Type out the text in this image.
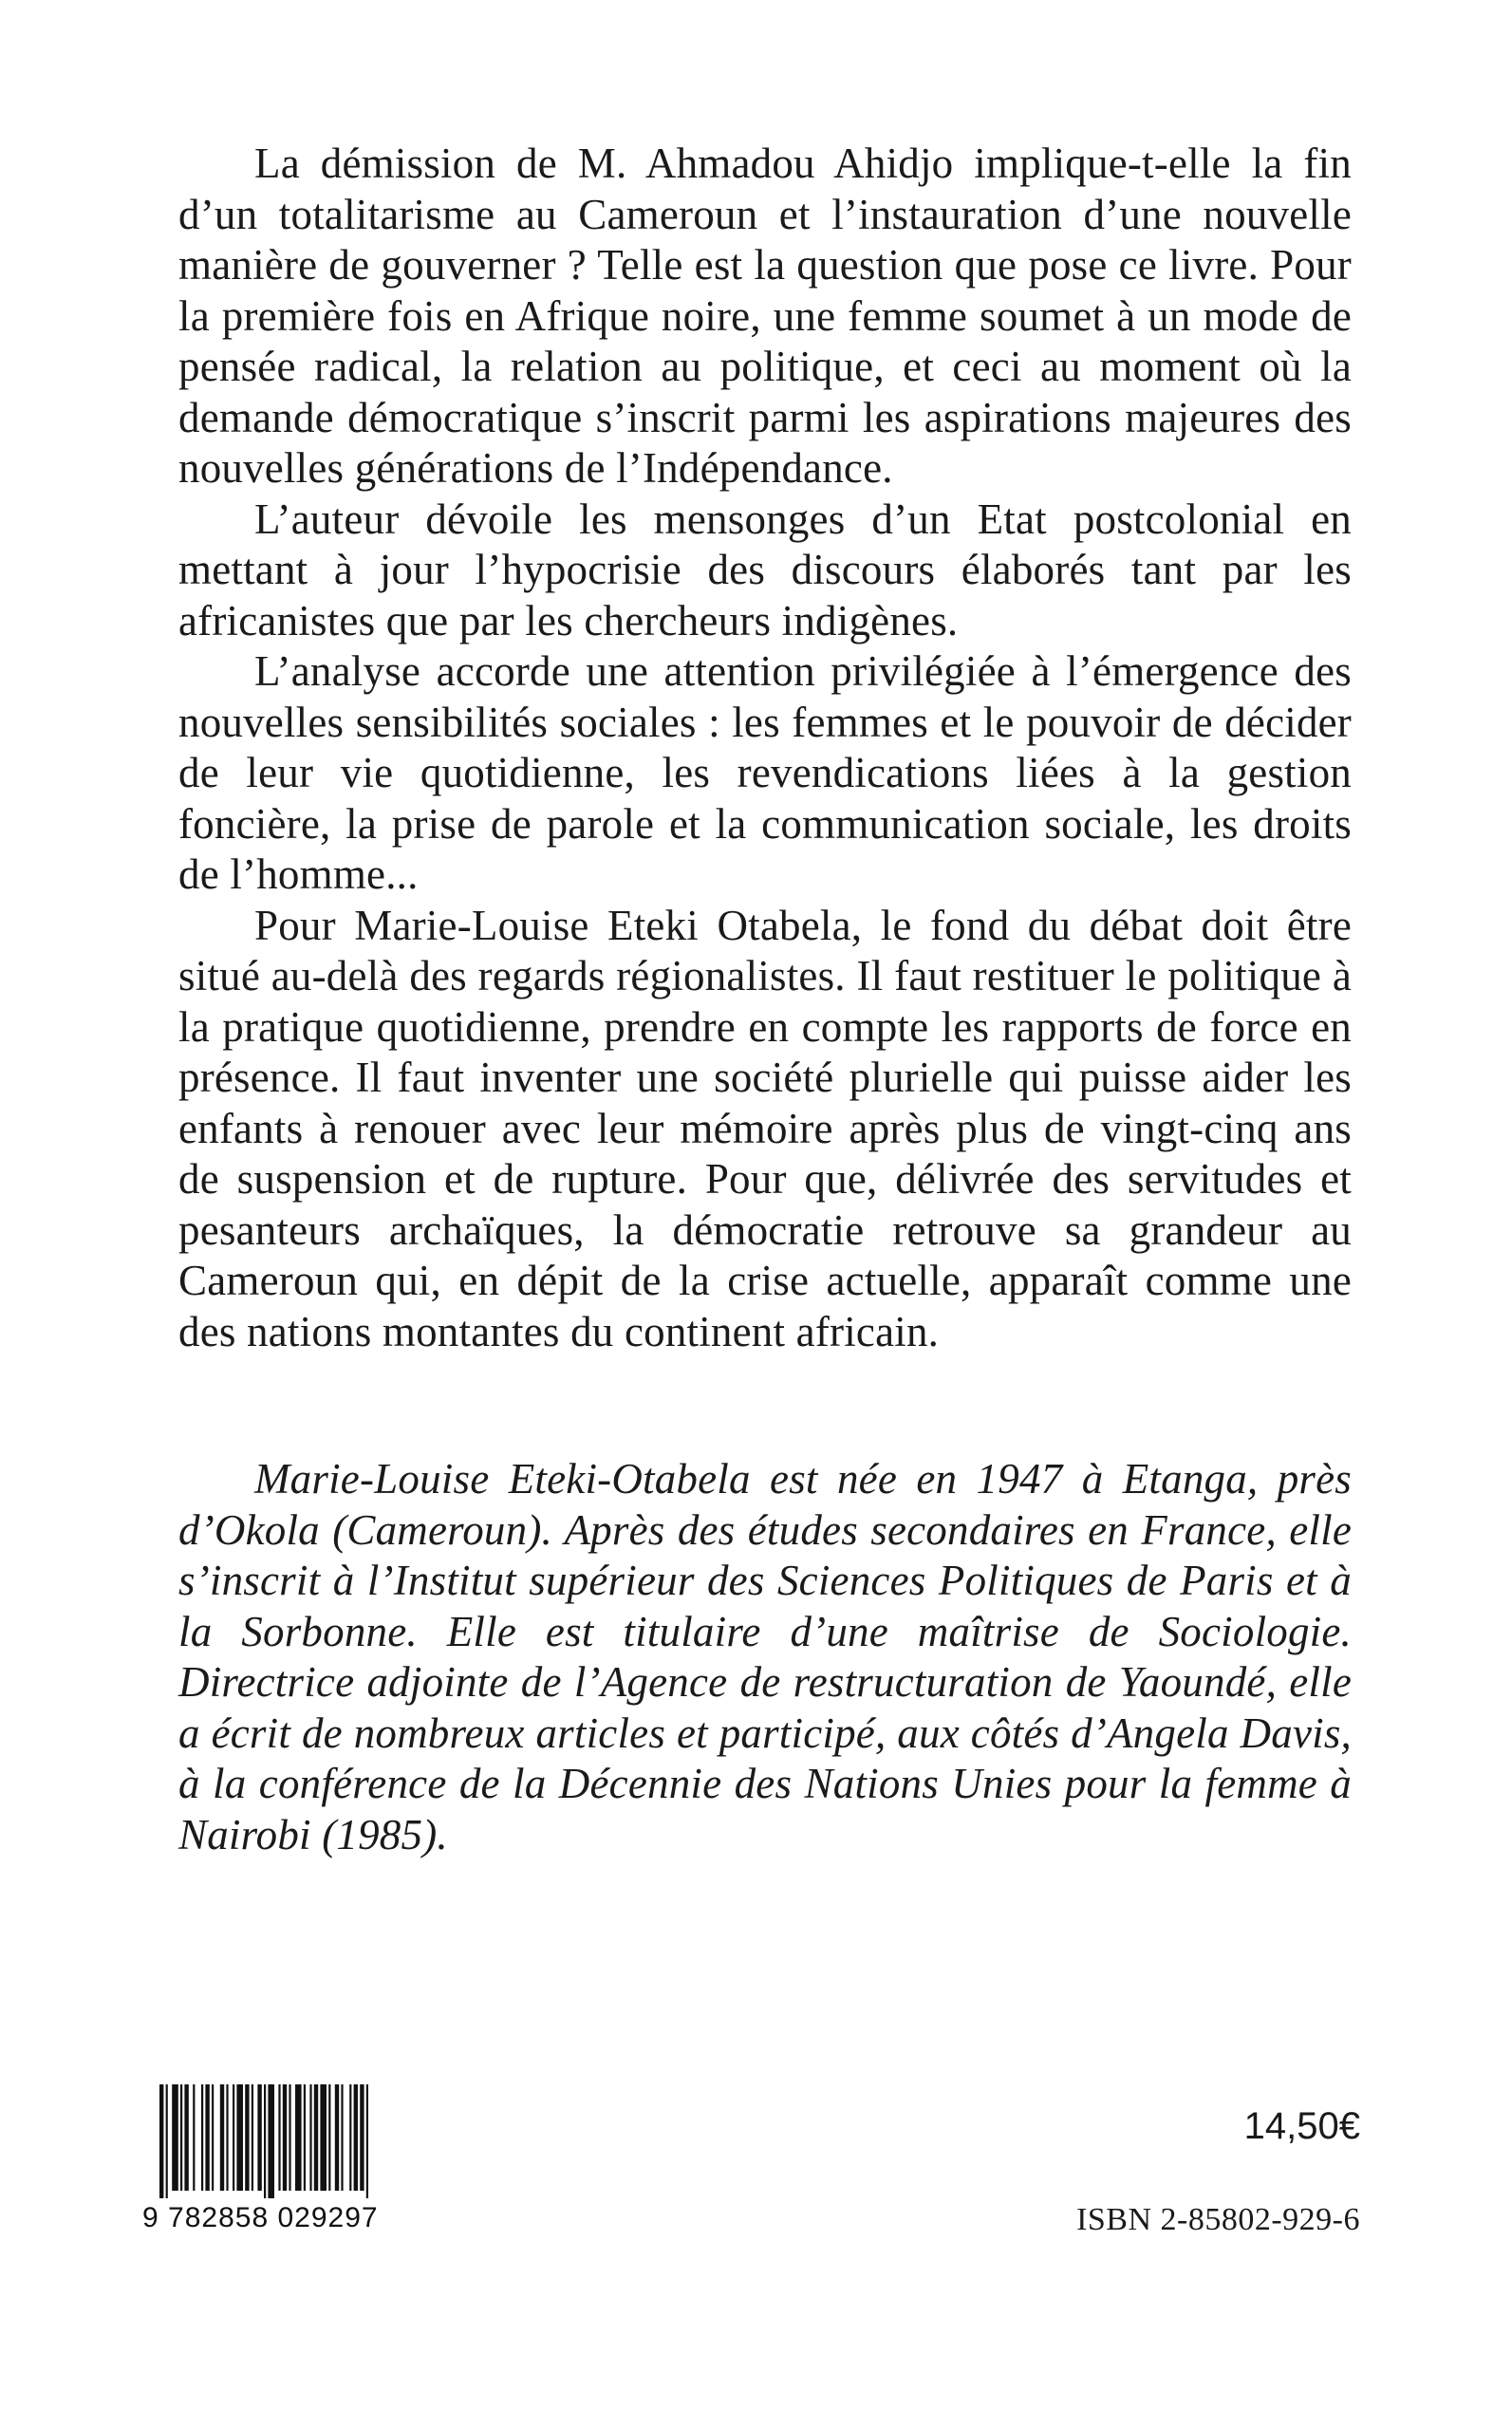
La démission de M. Ahmadou Ahidjo implique-t-elle la fin d’un totalitarisme au Cameroun et l’instauration d’une nouvelle manière de gouverner ? Telle est la question que pose ce livre. Pour la première fois en Afrique noire, une femme soumet à un mode de pensée radical, la relation au politique, et ceci au moment où la demande démocratique s’inscrit parmi les aspirations majeures des nouvelles générations de l’Indépendance.

L’auteur dévoile les mensonges d’un Etat postcolonial en mettant à jour l’hypocrisie des discours élaborés tant par les africanistes que par les chercheurs indigènes.

L’analyse accorde une attention privilégiée à l’émergence des nouvelles sensibilités sociales : les femmes et le pouvoir de décider de leur vie quotidienne, les revendications liées à la gestion foncière, la prise de parole et la communication sociale, les droits de l’homme...

Pour Marie-Louise Eteki Otabela, le fond du débat doit être situé au-delà des regards régionalistes. Il faut restituer le politique à la pratique quotidienne, prendre en compte les rapports de force en présence. Il faut inventer une société plurielle qui puisse aider les enfants à renouer avec leur mémoire après plus de vingt-cinq ans de suspension et de rupture. Pour que, délivrée des servitudes et pesanteurs archaïques, la démocratie retrouve sa grandeur au Cameroun qui, en dépit de la crise actuelle, apparaît comme une des nations montantes du continent africain.

Marie-Louise Eteki-Otabela est née en 1947 à Etanga, près d’Okola (Cameroun). Après des études secondaires en France, elle s’inscrit à l’Institut supérieur des Sciences Politiques de Paris et à la Sorbonne. Elle est titulaire d’une maîtrise de Sociologie. Directrice adjointe de l’Agence de restructuration de Yaoundé, elle a écrit de nombreux articles et participé, aux côtés d’Angela Davis, à la conférence de la Décennie des Nations Unies pour la femme à Nairobi (1985).

9 782858 029297
14,50€
ISBN 2-85802-929-6
